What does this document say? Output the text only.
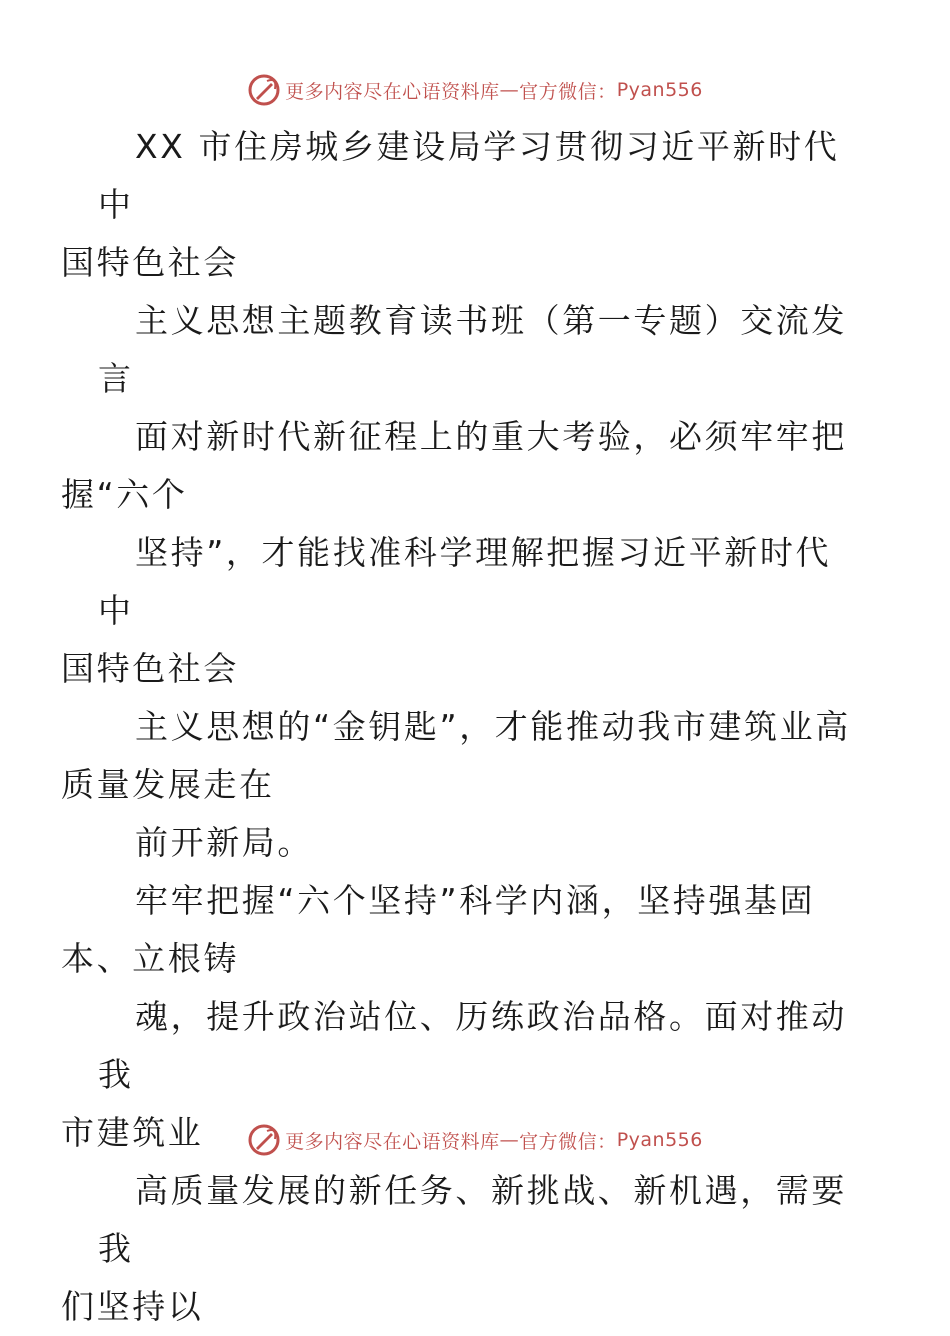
更多内容尽在心语资料库 — 官方微信： Pyan556

XX 市住房城乡建设局学习贯彻习近平新时代中
国特色社会

主义思想主题教育读书班（第一专题）交流发言

面对新时代新征程上的重大考验，必须牢牢把
握“六个

坚持”，才能找准科学理解把握习近平新时代中
国特色社会

主义思想的“金钥匙”，才能推动我市建筑业高
质量发展走在

前开新局。

牢牢把握“六个坚持”科学内涵，坚持强基固
本、立根铸

魂，提升政治站位、历练政治品格。面对推动我
市建筑业

高质量发展的新任务、新挑战、新机遇，需要我
们坚持以

更多内容尽在心语资料库 — 官方微信： Pyan556
